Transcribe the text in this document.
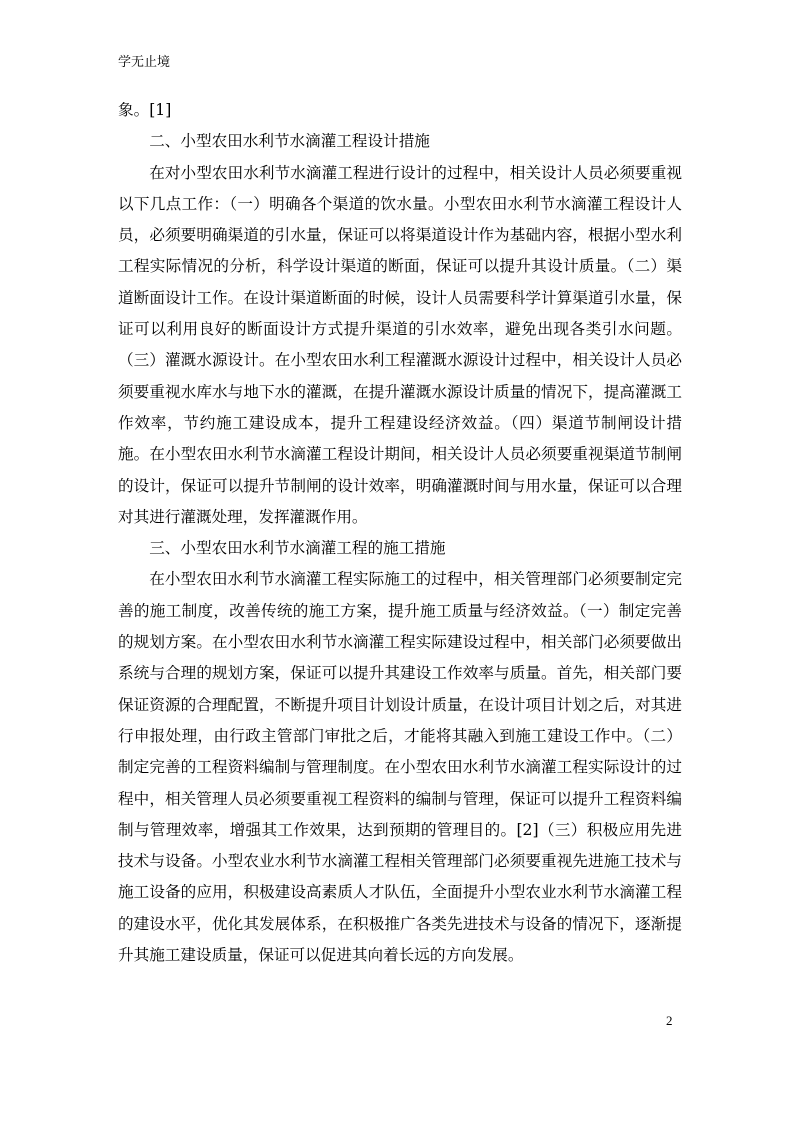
学无止境

象。[1]

二、小型农田水利节水滴灌工程设计措施

在对小型农田水利节水滴灌工程进行设计的过程中，相关设计人员必须要重视以下几点工作：（一）明确各个渠道的饮水量。小型农田水利节水滴灌工程设计人员，必须要明确渠道的引水量，保证可以将渠道设计作为基础内容，根据小型水利工程实际情况的分析，科学设计渠道的断面，保证可以提升其设计质量。（二）渠道断面设计工作。在设计渠道断面的时候，设计人员需要科学计算渠道引水量，保证可以利用良好的断面设计方式提升渠道的引水效率，避免出现各类引水问题。（三）灌溉水源设计。在小型农田水利工程灌溉水源设计过程中，相关设计人员必须要重视水库水与地下水的灌溉，在提升灌溉水源设计质量的情况下，提高灌溉工作效率，节约施工建设成本，提升工程建设经济效益。（四）渠道节制闸设计措施。在小型农田水利节水滴灌工程设计期间，相关设计人员必须要重视渠道节制闸的设计，保证可以提升节制闸的设计效率，明确灌溉时间与用水量，保证可以合理对其进行灌溉处理，发挥灌溉作用。

三、小型农田水利节水滴灌工程的施工措施

在小型农田水利节水滴灌工程实际施工的过程中，相关管理部门必须要制定完善的施工制度，改善传统的施工方案，提升施工质量与经济效益。（一）制定完善的规划方案。在小型农田水利节水滴灌工程实际建设过程中，相关部门必须要做出系统与合理的规划方案，保证可以提升其建设工作效率与质量。首先，相关部门要保证资源的合理配置，不断提升项目计划设计质量，在设计项目计划之后，对其进行申报处理，由行政主管部门审批之后，才能将其融入到施工建设工作中。（二）制定完善的工程资料编制与管理制度。在小型农田水利节水滴灌工程实际设计的过程中，相关管理人员必须要重视工程资料的编制与管理，保证可以提升工程资料编制与管理效率，增强其工作效果，达到预期的管理目的。[2]（三）积极应用先进技术与设备。小型农业水利节水滴灌工程相关管理部门必须要重视先进施工技术与施工设备的应用，积极建设高素质人才队伍，全面提升小型农业水利节水滴灌工程的建设水平，优化其发展体系，在积极推广各类先进技术与设备的情况下，逐渐提升其施工建设质量，保证可以促进其向着长远的方向发展。

2
